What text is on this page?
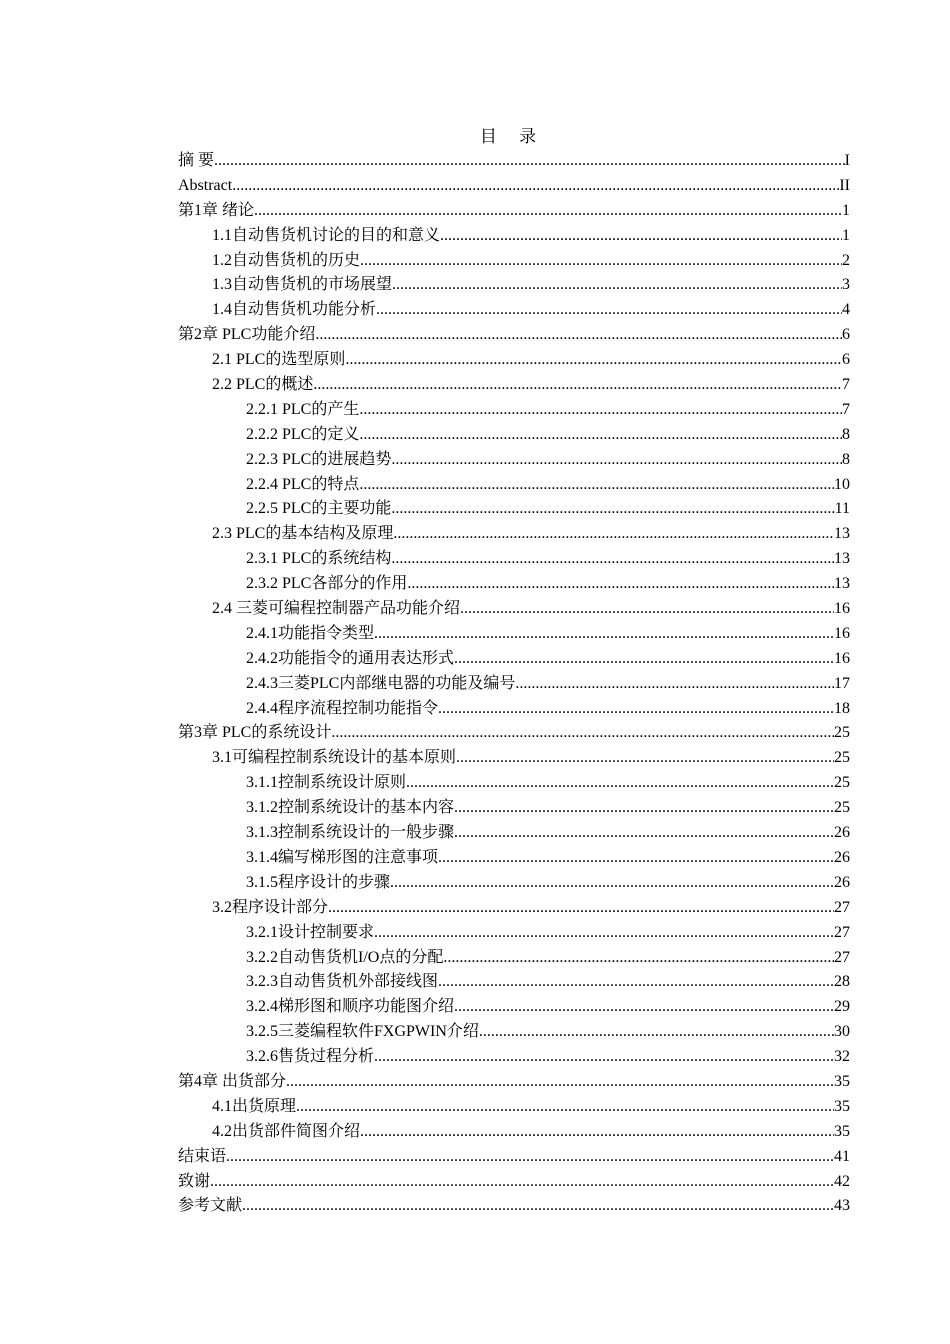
目 录
摘 要 .....	I
Abstract .....	II
第1章 绪论 .....	1
1.1自动售货机讨论的目的和意义 .....	1
1.2自动售货机的历史 .....	2
1.3自动售货机的市场展望 .....	3
1.4自动售货机功能分析 .....	4
第2章 PLC功能介绍 .....	6
2.1 PLC的选型原则 .....	6
2.2 PLC的概述 .....	7
2.2.1 PLC的产生 .....	7
2.2.2 PLC的定义 .....	8
2.2.3 PLC的进展趋势 .....	8
2.2.4 PLC的特点 .....	10
2.2.5 PLC的主要功能 .....	11
2.3 PLC的基本结构及原理 .....	13
2.3.1 PLC的系统结构 .....	13
2.3.2 PLC各部分的作用 .....	13
2.4 三菱可编程控制器产品功能介绍 .....	16
2.4.1功能指令类型 .....	16
2.4.2功能指令的通用表达形式 .....	16
2.4.3三菱PLC内部继电器的功能及编号 .....	17
2.4.4程序流程控制功能指令 .....	18
第3章 PLC的系统设计 .....	25
3.1可编程控制系统设计的基本原则 .....	25
3.1.1控制系统设计原则 .....	25
3.1.2控制系统设计的基本内容 .....	25
3.1.3控制系统设计的一般步骤 .....	26
3.1.4编写梯形图的注意事项 .....	26
3.1.5程序设计的步骤 .....	26
3.2程序设计部分 .....	27
3.2.1设计控制要求 .....	27
3.2.2自动售货机I/O点的分配 .....	27
3.2.3自动售货机外部接线图 .....	28
3.2.4梯形图和顺序功能图介绍 .....	29
3.2.5三菱编程软件FXGPWIN介绍 .....	30
3.2.6售货过程分析 .....	32
第4章 出货部分 .....	35
4.1出货原理 .....	35
4.2出货部件简图介绍 .....	35
结束语 .....	41
致谢 .....	42
参考文献 .....	43
